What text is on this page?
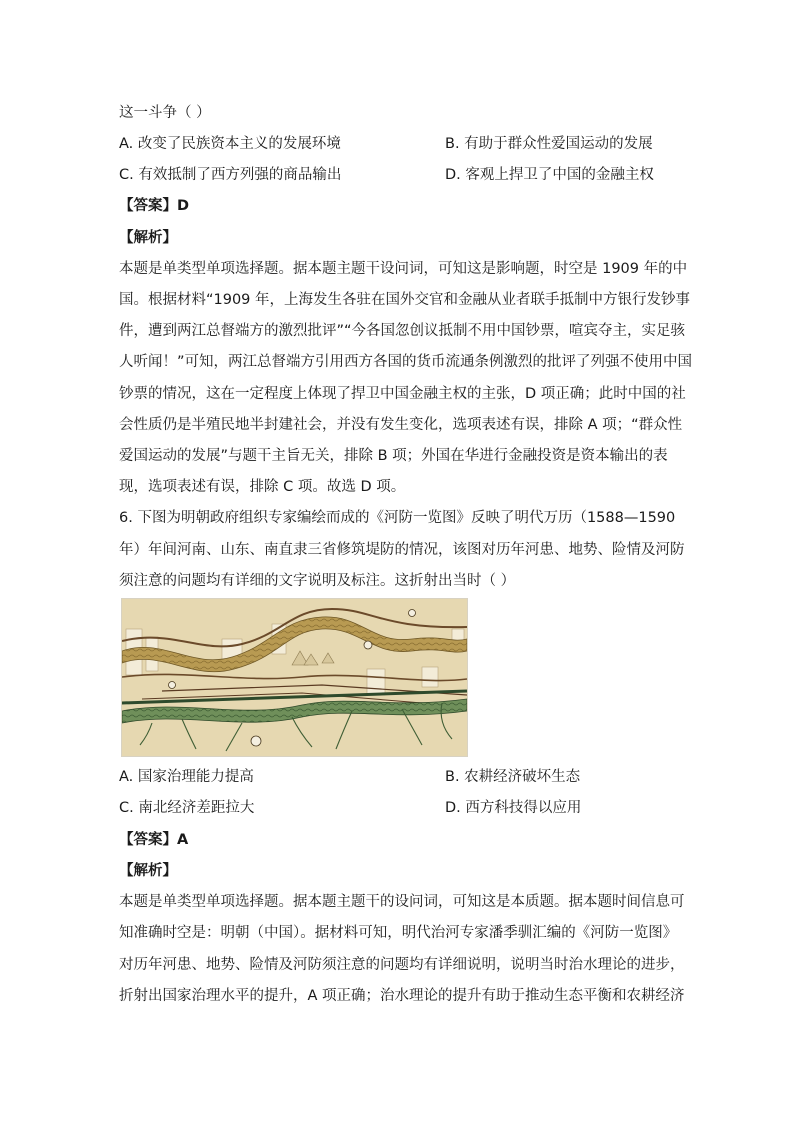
这一斗争（ ）
A. 改变了民族资本主义的发展环境	B. 有助于群众性爱国运动的发展
C. 有效抵制了西方列强的商品输出	D. 客观上捍卫了中国的金融主权
【答案】D
【解析】
本题是单类型单项选择题。据本题主题干设问词，可知这是影响题，时空是 1909 年的中
国。根据材料“1909 年，上海发生各驻在国外交官和金融从业者联手抵制中方银行发钞事
件，遭到两江总督端方的激烈批评”“今各国忽创议抵制不用中国钞票，喧宾夺主，实足骇
人听闻！”可知，两江总督端方引用西方各国的货币流通条例激烈的批评了列强不使用中国
钞票的情况，这在一定程度上体现了捍卫中国金融主权的主张，D 项正确；此时中国的社
会性质仍是半殖民地半封建社会，并没有发生变化，选项表述有误，排除 A 项；“群众性
爱国运动的发展”与题干主旨无关，排除 B 项；外国在华进行金融投资是资本输出的表
现，选项表述有误，排除 C 项。故选 D 项。
6. 下图为明朝政府组织专家编绘而成的《河防一览图》反映了明代万历（1588—1590
年）年间河南、山东、南直隶三省修筑堤防的情况，该图对历年河患、地势、险情及河防
须注意的问题均有详细的文字说明及标注。这折射出当时（ ）
A. 国家治理能力提高	B. 农耕经济破坏生态
C. 南北经济差距拉大	D. 西方科技得以应用
【答案】A
【解析】
本题是单类型单项选择题。据本题主题干的设问词，可知这是本质题。据本题时间信息可
知准确时空是：明朝（中国）。据材料可知，明代治河专家潘季驯汇编的《河防一览图》
对历年河患、地势、险情及河防须注意的问题均有详细说明，说明当时治水理论的进步，
折射出国家治理水平的提升，A 项正确；治水理论的提升有助于推动生态平衡和农耕经济
